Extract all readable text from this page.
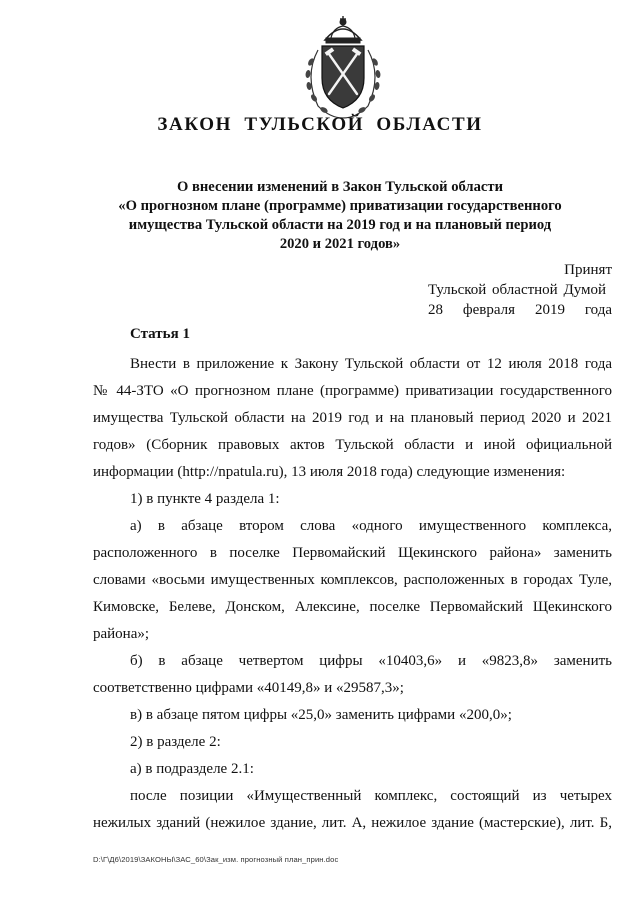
ЗАКОН ТУЛЬСКОЙ ОБЛАСТИ
О внесении изменений в Закон Тульской области
«О прогнозном плане (программе) приватизации государственного
имущества Тульской области на 2019 год и на плановый период
2020 и 2021 годов»
Принят
Тульской областной Думой
28 февраля 2019 года
Статья 1
Внести в приложение к Закону Тульской области от 12 июля 2018 года
№ 44-ЗТО «О прогнозном плане (программе) приватизации государственного
имущества Тульской области на 2019 год и на плановый период 2020 и 2021
годов» (Сборник правовых актов Тульской области и иной официальной
информации (http://npatula.ru), 13 июля 2018 года) следующие изменения:
1) в пункте 4 раздела 1:
а) в абзаце втором слова «одного имущественного комплекса,
расположенного в поселке Первомайский Щекинского района» заменить
словами «восьми имущественных комплексов, расположенных в городах Туле,
Кимовске, Белеве, Донском, Алексине, поселке Первомайский Щекинского
района»;
б) в абзаце четвертом цифры «10403,6» и «9823,8» заменить
соответственно цифрами «40149,8» и «29587,3»;
в) в абзаце пятом цифры «25,0» заменить цифрами «200,0»;
2) в разделе 2:
а) в подразделе 2.1:
после позиции «Имущественный комплекс, состоящий из четырех
нежилых зданий (нежилое здание, лит. А, нежилое здание (мастерские), лит. Б,
D:\Г\Д6\2019\ЗАКОНЫ\ЗАС_60\Зак_изм. прогнозный план_прин.doc
